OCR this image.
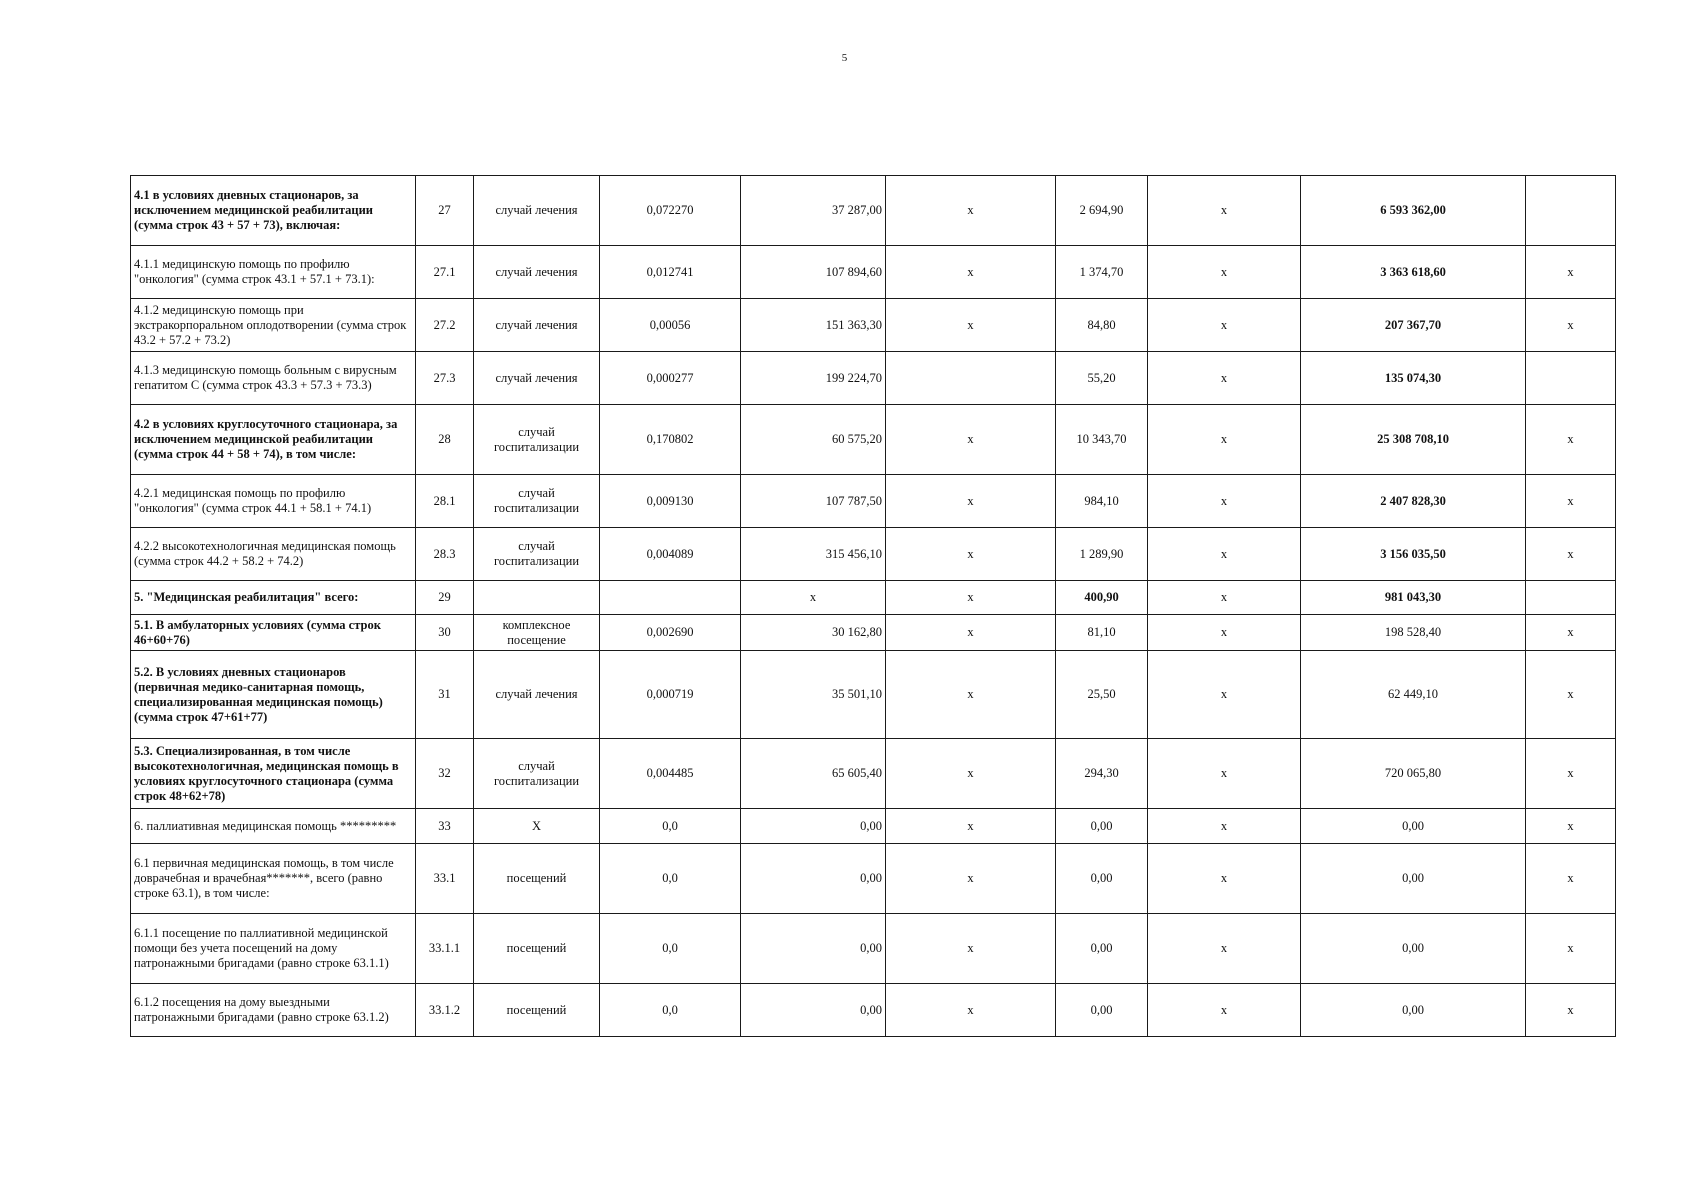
5
4.1 в условиях дневных стационаров, за исключением медицинской реабилитации (сумма строк 43 + 57 + 73), включая:	27	случай лечения	0,072270	37 287,00	х	2 694,90	х	6 593 362,00	
4.1.1 медицинскую помощь по профилю "онкология" (сумма строк 43.1 + 57.1 + 73.1):	27.1	случай лечения	0,012741	107 894,60	х	1 374,70	х	3 363 618,60	х
4.1.2 медицинскую помощь при экстракорпоральном оплодотворении (сумма строк 43.2 + 57.2 + 73.2)	27.2	случай лечения	0,00056	151 363,30	х	84,80	х	207 367,70	х
4.1.3 медицинскую помощь больным с вирусным гепатитом С (сумма строк 43.3 + 57.3 + 73.3)	27.3	случай лечения	0,000277	199 224,70		55,20	х	135 074,30	
4.2 в условиях круглосуточного стационара, за исключением медицинской реабилитации (сумма строк 44 + 58 + 74), в том числе:	28	случай госпитализации	0,170802	60 575,20	х	10 343,70	х	25 308 708,10	х
4.2.1 медицинская помощь по профилю "онкология" (сумма строк 44.1 + 58.1 + 74.1)	28.1	случай госпитализации	0,009130	107 787,50	х	984,10	х	2 407 828,30	х
4.2.2 высокотехнологичная медицинская помощь (сумма строк 44.2 + 58.2 + 74.2)	28.3	случай госпитализации	0,004089	315 456,10	х	1 289,90	х	3 156 035,50	х
5. "Медицинская реабилитация" всего:	29			х	х	400,90	х	981 043,30	
5.1. В амбулаторных условиях (сумма строк 46+60+76)	30	комплексное посещение	0,002690	30 162,80	х	81,10	х	198 528,40	х
5.2. В условиях дневных стационаров (первичная медико-санитарная помощь, специализированная медицинская помощь) (сумма строк 47+61+77)	31	случай лечения	0,000719	35 501,10	х	25,50	х	62 449,10	х
5.3. Специализированная, в том числе высокотехнологичная, медицинская помощь в условиях круглосуточного стационара (сумма строк 48+62+78)	32	случай госпитализации	0,004485	65 605,40	х	294,30	х	720 065,80	х
6. паллиативная медицинская помощь *********	33	Х	0,0	0,00	х	0,00	х	0,00	х
6.1 первичная медицинская помощь, в том числе доврачебная и врачебная*******, всего (равно строке 63.1), в том числе:	33.1	посещений	0,0	0,00	х	0,00	х	0,00	х
6.1.1 посещение по паллиативной медицинской помощи без учета посещений на дому патронажными бригадами (равно строке 63.1.1)	33.1.1	посещений	0,0	0,00	х	0,00	х	0,00	х
6.1.2 посещения на дому выездными патронажными бригадами (равно строке 63.1.2)	33.1.2	посещений	0,0	0,00	х	0,00	х	0,00	х
